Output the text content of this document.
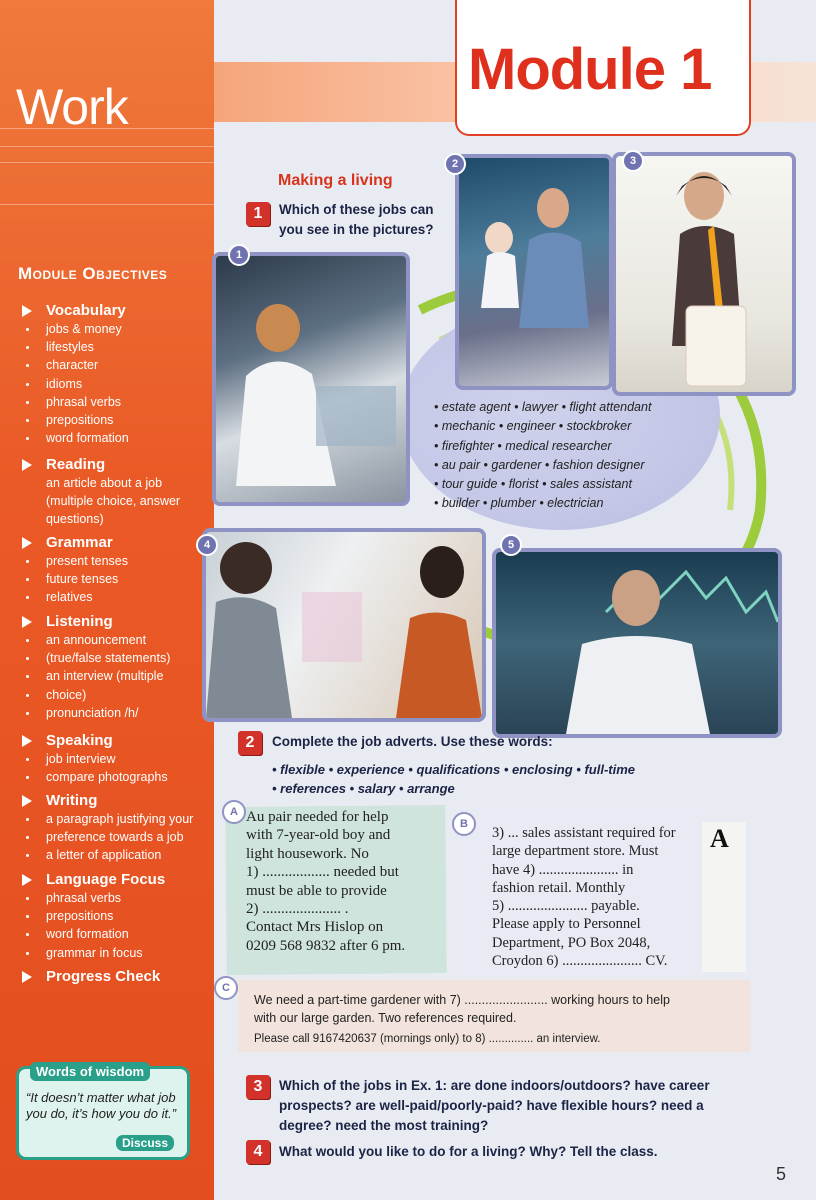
Work
Module Objectives
Vocabulary
jobs & money
lifestyles
character
idioms
phrasal verbs
prepositions
word formation
Reading
an article about a job
(multiple choice, answer
questions)
Grammar
present tenses
future tenses
relatives
Listening
an announcement
(true/false statements)
an interview (multiple
choice)
pronunciation /h/
Speaking
job interview
compare photographs
Writing
a paragraph justifying your
preference towards a job
a letter of application
Language Focus
phrasal verbs
prepositions
word formation
grammar in focus
Progress Check
Words of wisdom
“It doesn’t matter what job you do, it’s how you do it.”
Discuss
Module 1
Making a living
1	Which of these jobs can you see in the pictures?
1
2	3
4	5
• estate agent • lawyer • flight attendant
• mechanic • engineer • stockbroker
• firefighter • medical researcher
• au pair • gardener • fashion designer
• tour guide • florist • sales assistant
• builder • plumber • electrician
2	Complete the job adverts. Use these words:
• flexible • experience • qualifications • enclosing • full-time
• references • salary • arrange
Au pair needed for help
with 7-year-old boy and
light housework. No
1) .................. needed but
must be able to provide
2) ..................... .
Contact Mrs Hislop on
0209 568 9832 after 6 pm.
A
A
3) ... sales assistant required for
large department store. Must
have 4) ...................... in
fashion retail. Monthly
5) ...................... payable.
Please apply to Personnel
Department, PO Box 2048,
Croydon 6) ...................... CV.
B
C
We need a part-time gardener with 7) ........................ working hours to help
with our large garden. Two references required.
Please call 9167420637 (mornings only) to 8) .............. an interview.
3	Which of the jobs in Ex. 1: are done indoors/outdoors? have career
prospects? are well-paid/poorly-paid? have flexible hours? need a
degree? need the most training?
4	What would you like to do for a living? Why? Tell the class.
5
